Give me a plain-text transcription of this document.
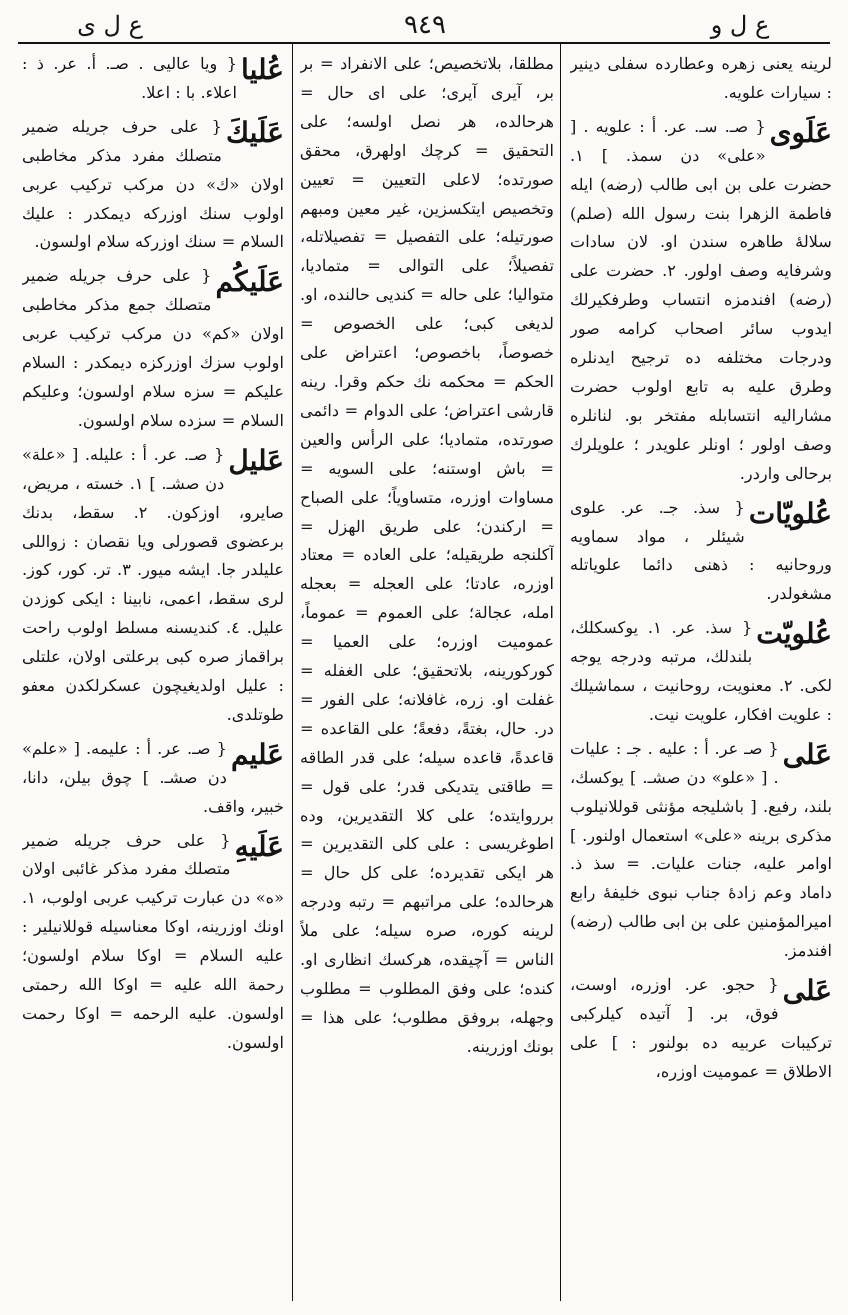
ع ل و
٩٤٩
ع ل ى
لرينه يعنى زهره وعطارده سفلى دينير : سيارات علويه.
عَلَوى
{ صـ. سـ. عر. أ : علويه . [ «على» دن سمذ. ] ١. حضرت على بن ابى طالب (رضه) ايله فاطمة الزهرا بنت رسول الله (صلم) سلالهٔ طاهره سندن او. لان سادات وشرفايه وصف اولور. ٢. حضرت على (رضه) افندمزه انتساب وطرفكيرلك ايدوب سائر اصحاب كرامه صور ودرجات مختلفه ده ترجيح ايدنلره وطرق عليه به تابع اولوب حضرت مشاراليه انتسابله مفتخر بو. لنانلره وصف اولور ؛ اونلر علويدر ؛ علويلرك برحالى واردر.
عُلويّات
{ سذ. جـ. عر. علوى شيئلر ، مواد سماويه وروحانيه : ذهنى دائما علوياتله مشغولدر.
عُلويّت
{ سذ. عر. ١. يوكسكلك، بلندلك، مرتبه ودرجه يوجه لكى. ٢. معنويت، روحانيت ، سماشيلك : علويت افكار، علويت نيت.
عَلى
{ صـ عر. أ : عليه . جـ : عليات . [ «علو» دن صشـ. ] يوكسك، بلند، رفيع. [ باشليجه مؤنثى قوللانيلوب مذكرى برينه «على» استعمال اولنور. ] اوامر عليه، جنات عليات. = سذ ذ. داماد وعم زادهٔ جناب نبوى خليفهٔ رابع اميرالمؤمنين على بن ابى طالب (رضه) افندمز.
عَلى
{ حجو. عر. اوزره، اوست، فوق، بر. [ آتيده كيلركبى تركيبات عربيه ده بولنور : ] على الاطلاق = عموميت اوزره،
مطلقا، بلاتخصيص؛ على الانفراد = بر بر، آيرى آيرى؛ على اى حال = هرحالده، هر نصل اولسه؛ على التحقيق = كرچك اولهرق، محقق صورتده؛ لاعلى التعيين = تعيين وتخصيص ايتكسزين، غير معين ومبهم صورتيله؛ على التفصيل = تفصيلاتله، تفصيلاً؛ على التوالى = متماديا، متواليا؛ على حاله = كنديى حالنده، او. لديغى كبى؛ على الخصوص = خصوصاً، باخصوص؛ اعتراض على الحكم = محكمه نك حكم وقرا. رينه قارشى اعتراض؛ على الدوام = دائمى صورتده، متماديا؛ على الرأس والعين = باش اوستنه؛ على السويه = مساوات اوزره، متساوياً؛ على الصباح = اركندن؛ على طريق الهزل = آكلنجه طريقيله؛ على العاده = معتاد اوزره، عادتا؛ على العجله = بعجله امله، عجالة؛ على العموم = عموماً، عموميت اوزره؛ على العميا = كوركورينه، بلاتحقيق؛ على الغفله = غفلت او. زره، غافلانه؛ على الفور = در. حال، بغتةً، دفعةً؛ على القاعده = قاعدةً، قاعده سيله؛ على قدر الطاقه = طاقتى يتديكى قدر؛ على قول = برروايتده؛ على كلا التقديرين، وده اطوغريسى : على كلى التقديرين = هر ايكى تقديرده؛ على كل حال = هرحالده؛ على مراتبهم = رتبه ودرجه لرينه كوره، صره سيله؛ على ملاً الناس = آچيقده، هركسك انظارى او. كنده؛ على وفق المطلوب = مطلوب وجهله، بروفق مطلوب؛ على هذا = بونك اوزرينه.
عُليا
{ ويا عاليى . صـ. أ. عر. ذ : اعلاء. با : اعلا.
عَلَيكَ
{ على حرف جريله ضمير متصلك مفرد مذكر مخاطبى اولان «ك» دن مركب تركيب عربى اولوب سنك اوزركه ديمكدر : عليك السلام = سنك اوزركه سلام اولسون.
عَلَيكُم
{ على حرف جريله ضمير متصلك جمع مذكر مخاطبى اولان «كم» دن مركب تركيب عربى اولوب سزك اوزركزه ديمكدر : السلام عليكم = سزه سلام اولسون؛ وعليكم السلام = سزده سلام اولسون.
عَليل
{ صـ. عر. أ : عليله. [ «علة» دن صشـ. ] ١. خسته ، مريض، صايرو، اوزكون. ٢. سقط، بدنك برعضوى قصورلى ويا نقصان : زواللى عليلدر جا. ايشه ميور. ٣. تر. كور، كوز. لرى سقط، اعمى، نابينا : ايكى كوزدن عليل. ٤. كنديسنه مسلط اولوب راحت براقماز صره كبى برعلتى اولان، علتلى : عليل اولديغيچون عسكرلكدن معفو طوتلدى.
عَليم
{ صـ. عر. أ : عليمه. [ «علم» دن صشـ. ] چوق بيلن، دانا، خبير، واقف.
عَلَيهِ
{ على حرف جريله ضمير متصلك مفرد مذكر غائبى اولان «ه» دن عبارت تركيب عربى اولوب، ١. اونك اوزرينه، اوكا معناسيله قوللانيلير : عليه السلام = اوكا سلام اولسون؛ رحمة الله عليه = اوكا الله رحمتى اولسون. عليه الرحمه = اوكا رحمت اولسون.
